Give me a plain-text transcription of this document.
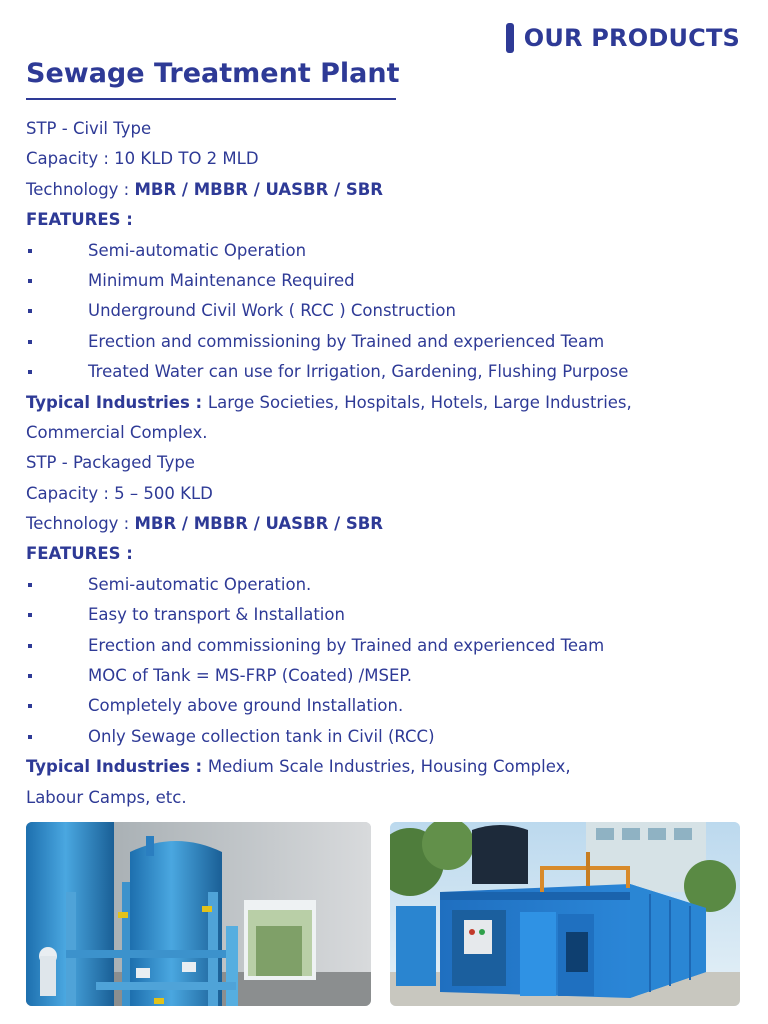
OUR PRODUCTS
Sewage Treatment Plant
STP - Civil Type
Capacity : 10 KLD TO 2 MLD
Technology : MBR / MBBR / UASBR / SBR
FEATURES :
Semi-automatic Operation
Minimum Maintenance Required
Underground Civil Work ( RCC ) Construction
Erection and commissioning by Trained and experienced Team
Treated Water can use for Irrigation, Gardening, Flushing Purpose
Typical Industries : Large Societies, Hospitals, Hotels, Large Industries,
Commercial Complex.
STP - Packaged Type
Capacity : 5 – 500 KLD
Technology : MBR / MBBR / UASBR / SBR
FEATURES :
Semi-automatic Operation.
Easy to transport & Installation
Erection and commissioning by Trained and experienced Team
MOC of Tank = MS-FRP (Coated) /MSEP.
Completely above ground Installation.
Only Sewage collection tank in Civil (RCC)
Typical Industries : Medium Scale Industries, Housing Complex,
Labour Camps, etc.
